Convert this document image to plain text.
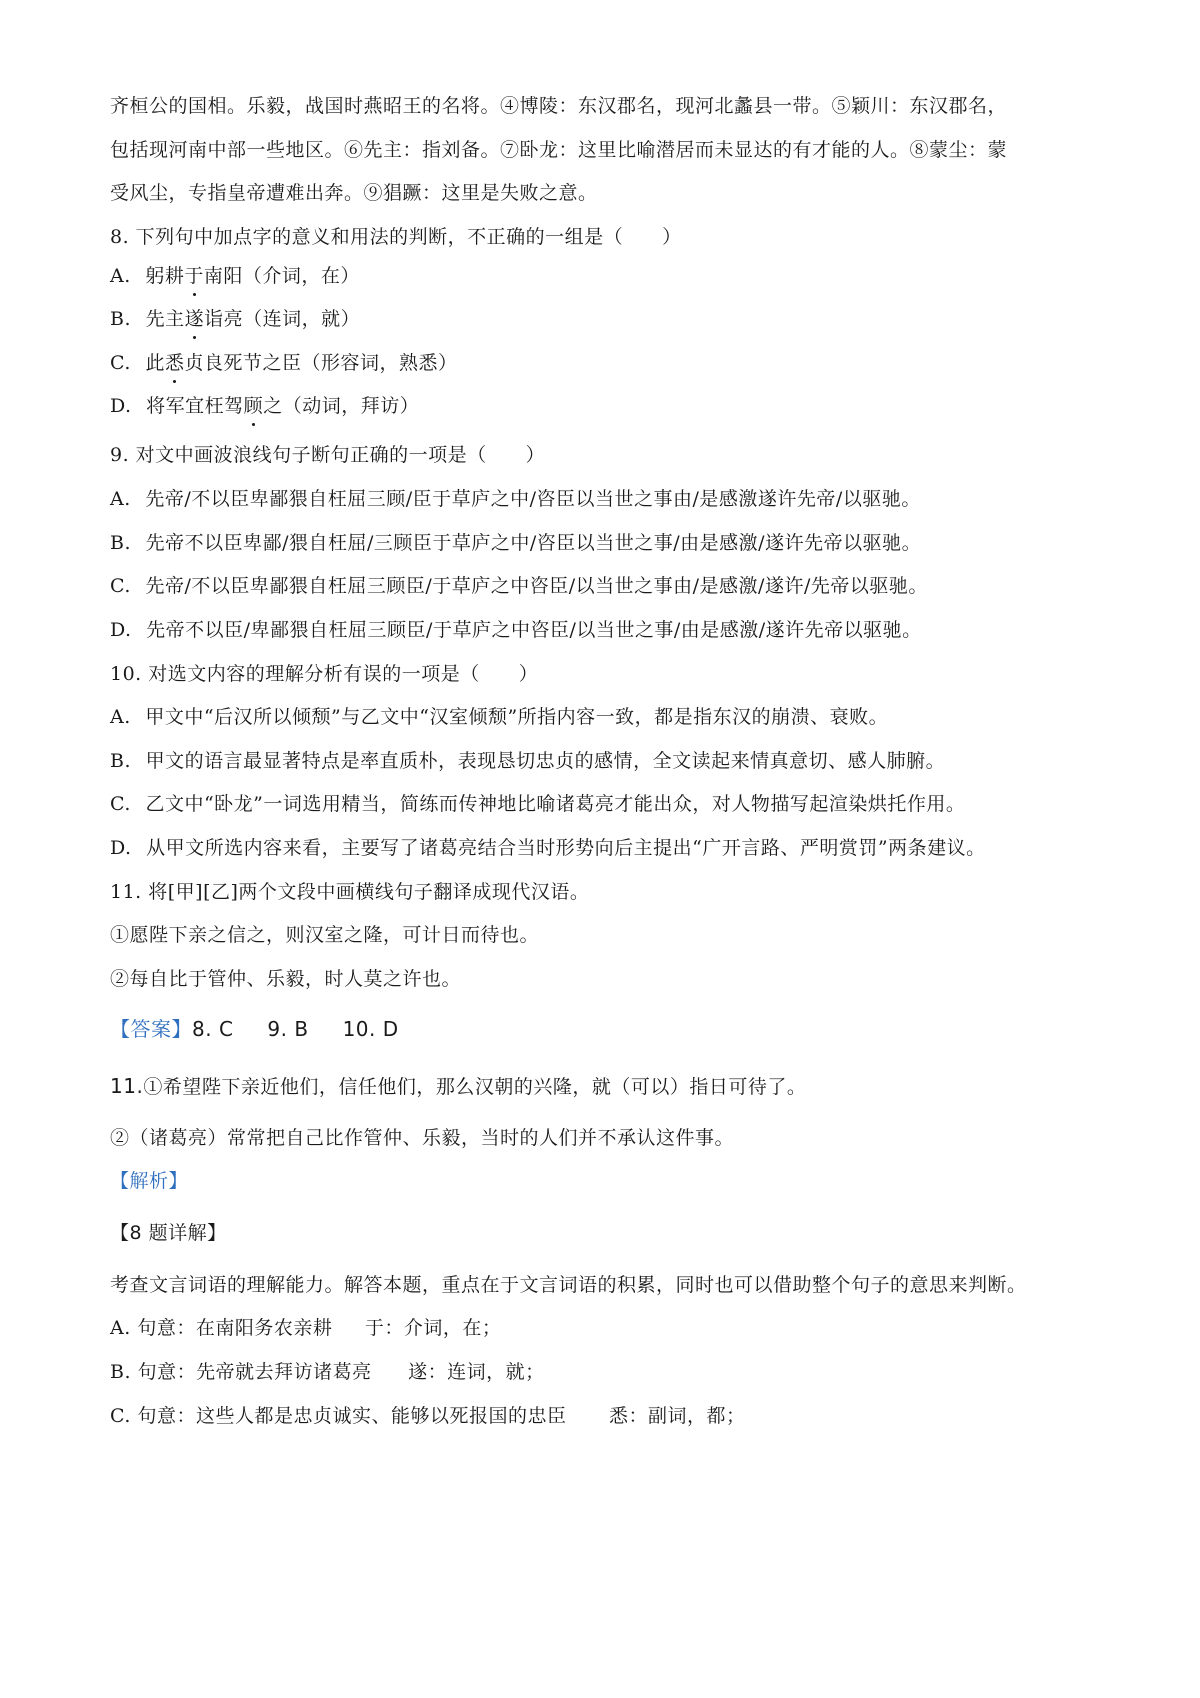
齐桓公的国相。乐毅，战国时燕昭王的名将。④博陵：东汉郡名，现河北蠡县一带。⑤颖川：东汉郡名，
包括现河南中部一些地区。⑥先主：指刘备。⑦卧龙：这里比喻潜居而未显达的有才能的人。⑧蒙尘：蒙
受风尘，专指皇帝遭难出奔。⑨猖蹶：这里是失败之意。
8. 下列句中加点字的意义和用法的判断，不正确的一组是（　　）
A. 躬耕于南阳（介词，在）
B. 先主遂诣亮（连词，就）
C. 此悉贞良死节之臣（形容词，熟悉）
D. 将军宜枉驾顾之（动词，拜访）
9. 对文中画波浪线句子断句正确的一项是（　　）
A. 先帝/不以臣卑鄙猥自枉屈三顾/臣于草庐之中/咨臣以当世之事由/是感激遂许先帝/以驱驰。
B. 先帝不以臣卑鄙/猥自枉屈/三顾臣于草庐之中/咨臣以当世之事/由是感激/遂许先帝以驱驰。
C. 先帝/不以臣卑鄙猥自枉屈三顾臣/于草庐之中咨臣/以当世之事由/是感激/遂许/先帝以驱驰。
D. 先帝不以臣/卑鄙猥自枉屈三顾臣/于草庐之中咨臣/以当世之事/由是感激/遂许先帝以驱驰。
10. 对选文内容的理解分析有误的一项是（　　）
A. 甲文中“后汉所以倾颓”与乙文中“汉室倾颓”所指内容一致，都是指东汉的崩溃、衰败。
B. 甲文的语言最显著特点是率直质朴，表现恳切忠贞的感情，全文读起来情真意切、感人肺腑。
C. 乙文中“卧龙”一词选用精当，简练而传神地比喻诸葛亮才能出众，对人物描写起渲染烘托作用。
D. 从甲文所选内容来看，主要写了诸葛亮结合当时形势向后主提出“广开言路、严明赏罚”两条建议。
11. 将[甲][乙]两个文段中画横线句子翻译成现代汉语。
①愿陛下亲之信之，则汉室之隆，可计日而待也。
②每自比于管仲、乐毅，时人莫之许也。
【答案】8. C 9. B 10. D
11.①希望陛下亲近他们，信任他们，那么汉朝的兴隆，就（可以）指日可待了。
②（诸葛亮）常常把自己比作管仲、乐毅，当时的人们并不承认这件事。
【解析】
【8 题详解】
考查文言词语的理解能力。解答本题，重点在于文言词语的积累，同时也可以借助整个句子的意思来判断。
A. 句意：在南阳务农亲耕 于：介词，在；
B. 句意：先帝就去拜访诸葛亮 遂：连词，就；
C. 句意：这些人都是忠贞诚实、能够以死报国的忠臣 悉：副词，都；
